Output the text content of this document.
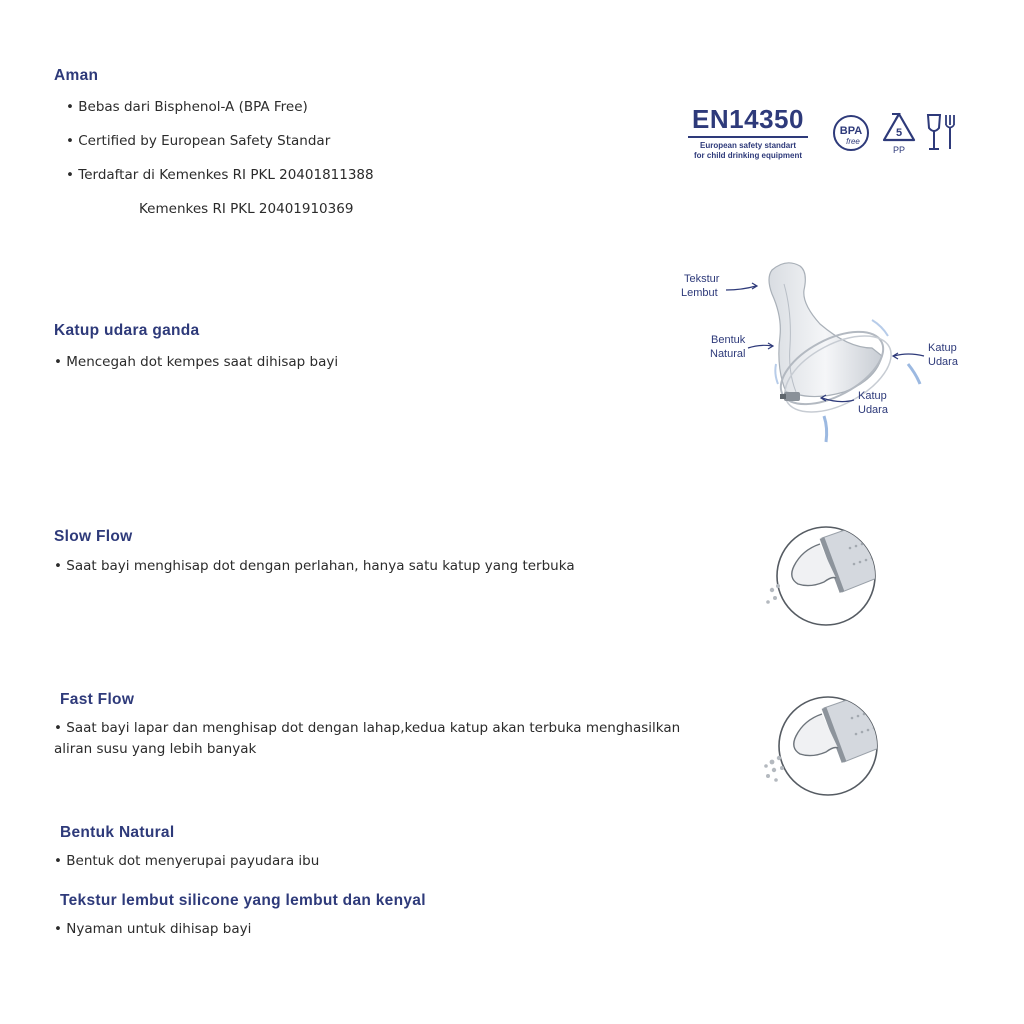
Aman
• Bebas dari Bisphenol-A (BPA Free)
• Certified by European Safety Standar
• Terdaftar di Kemenkes RI PKL 20401811388
Kemenkes RI PKL 20401910369
EN14350
European safety standart
for child drinking equipment
BPA
free
5
PP
Katup udara ganda
• Mencegah dot kempes saat dihisap bayi
Tekstur
Lembut
Bentuk
Natural	Katup
Udara
Katup
Udara
Slow Flow
• Saat bayi menghisap dot dengan perlahan, hanya satu katup yang terbuka
Fast Flow
• Saat bayi lapar dan menghisap dot dengan lahap,kedua katup akan terbuka menghasilkan aliran susu yang lebih banyak
Bentuk Natural
• Bentuk dot menyerupai payudara ibu
Tekstur lembut silicone yang lembut dan kenyal
• Nyaman untuk dihisap bayi
